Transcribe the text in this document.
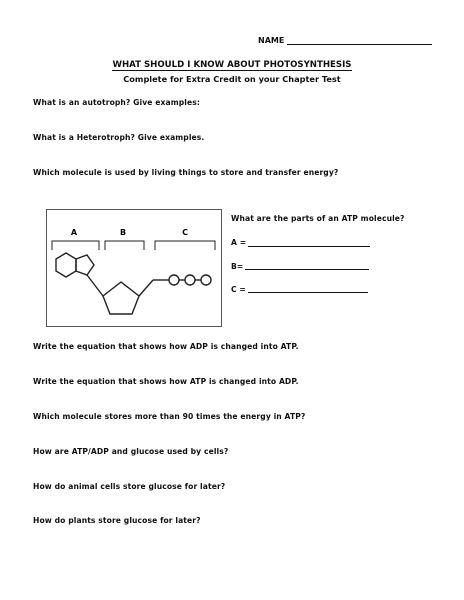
NAME
WHAT SHOULD I KNOW ABOUT PHOTOSYNTHESIS
Complete for Extra Credit on your Chapter Test
What is an autotroph? Give examples:
What is a Heterotroph? Give examples.
Which molecule is used by living things to store and transfer energy?
A	B	C
What are the parts of an ATP molecule?
A =
B=
C =
Write the equation that shows how ADP is changed into ATP.
Write the equation that shows how ATP is changed into ADP.
Which molecule stores more than 90 times the energy in ATP?
How are ATP/ADP and glucose used by cells?
How do animal cells store glucose for later?
How do plants store glucose for later?
